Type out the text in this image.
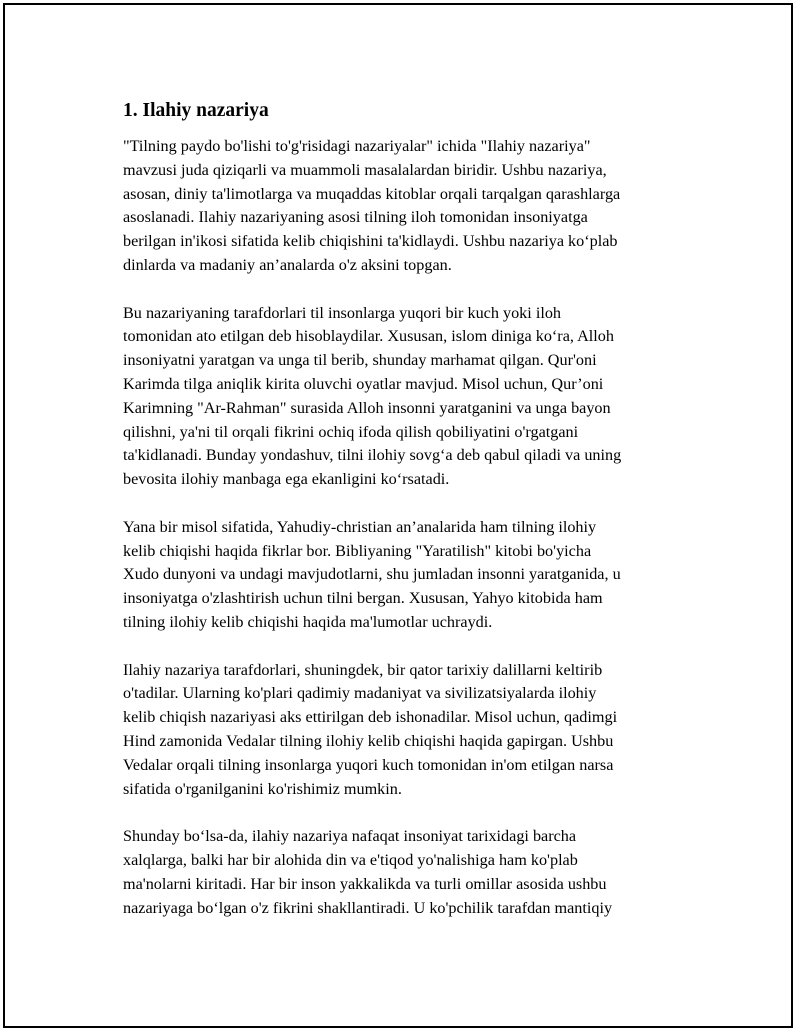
1. Ilahiy nazariya

"Tilning paydo bo'lishi to'g'risidagi nazariyalar" ichida "Ilahiy nazariya"
mavzusi juda qiziqarli va muammoli masalalardan biridir. Ushbu nazariya,
asosan, diniy ta'limotlarga va muqaddas kitoblar orqali tarqalgan qarashlarga
asoslanadi. Ilahiy nazariyaning asosi tilning iloh tomonidan insoniyatga
berilgan in'ikosi sifatida kelib chiqishini ta'kidlaydi. Ushbu nazariya ko‘plab
dinlarda va madaniy an’analarda o'z aksini topgan.

Bu nazariyaning tarafdorlari til insonlarga yuqori bir kuch yoki iloh
tomonidan ato etilgan deb hisoblaydilar. Xususan, islom diniga ko‘ra, Alloh
insoniyatni yaratgan va unga til berib, shunday marhamat qilgan. Qur'oni
Karimda tilga aniqlik kirita oluvchi oyatlar mavjud. Misol uchun, Qur’oni
Karimning "Ar-Rahman" surasida Alloh insonni yaratganini va unga bayon
qilishni, ya'ni til orqali fikrini ochiq ifoda qilish qobiliyatini o'rgatgani
ta'kidlanadi. Bunday yondashuv, tilni ilohiy sovg‘a deb qabul qiladi va uning
bevosita ilohiy manbaga ega ekanligini ko‘rsatadi.

Yana bir misol sifatida, Yahudiy-christian an’analarida ham tilning ilohiy
kelib chiqishi haqida fikrlar bor. Bibliyaning "Yaratilish" kitobi bo'yicha
Xudo dunyoni va undagi mavjudotlarni, shu jumladan insonni yaratganida, u
insoniyatga o'zlashtirish uchun tilni bergan. Xususan, Yahyo kitobida ham
tilning ilohiy kelib chiqishi haqida ma'lumotlar uchraydi.

Ilahiy nazariya tarafdorlari, shuningdek, bir qator tarixiy dalillarni keltirib
o'tadilar. Ularning ko'plari qadimiy madaniyat va sivilizatsiyalarda ilohiy
kelib chiqish nazariyasi aks ettirilgan deb ishonadilar. Misol uchun, qadimgi
Hind zamonida Vedalar tilning ilohiy kelib chiqishi haqida gapirgan. Ushbu
Vedalar orqali tilning insonlarga yuqori kuch tomonidan in'om etilgan narsa
sifatida o'rganilganini ko'rishimiz mumkin.

Shunday bo‘lsa-da, ilahiy nazariya nafaqat insoniyat tarixidagi barcha
xalqlarga, balki har bir alohida din va e'tiqod yo'nalishiga ham ko'plab
ma'nolarni kiritadi. Har bir inson yakkalikda va turli omillar asosida ushbu
nazariyaga bo‘lgan o'z fikrini shakllantiradi. U ko'pchilik tarafdan mantiqiy
